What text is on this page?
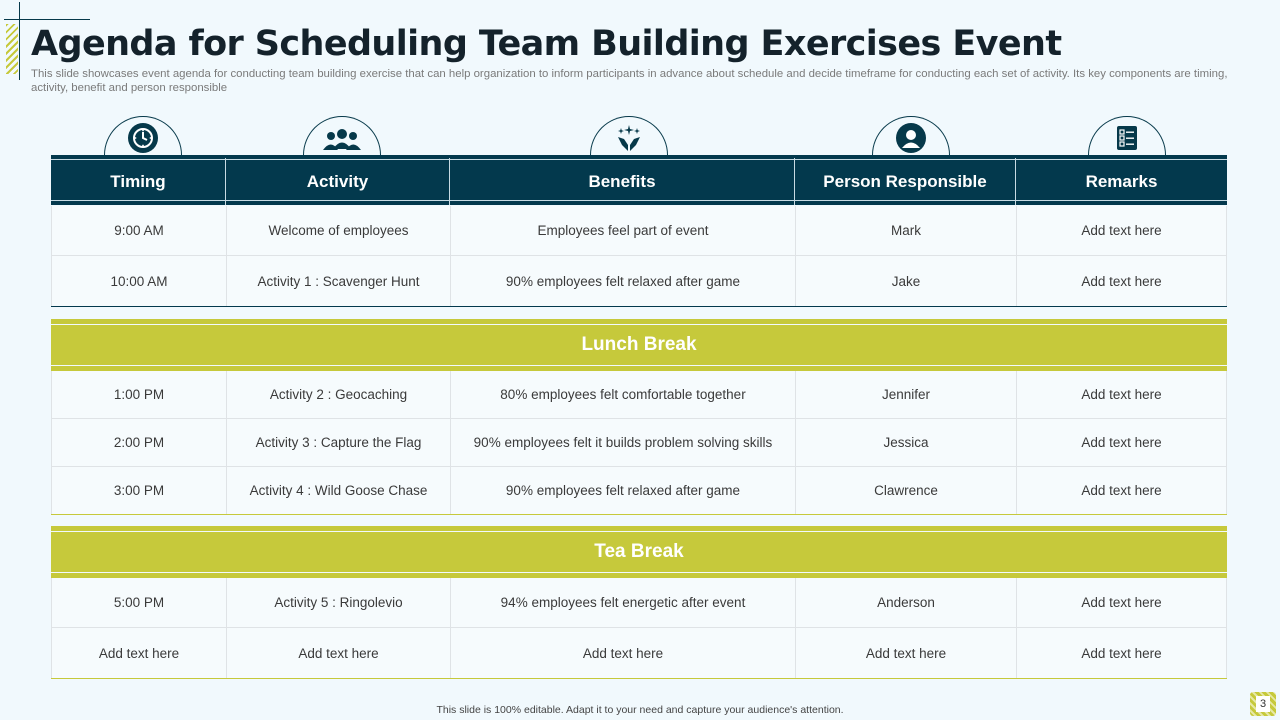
Agenda for Scheduling Team Building Exercises Event

This slide showcases event agenda for conducting team building exercise that can help organization to inform participants in advance about schedule and decide timeframe for conducting each set of activity. Its key components are timing, activity, benefit and person responsible

Timing	Activity	Benefits	Person Responsible	Remarks
9:00 AM	Welcome of employees	Employees feel part of event	Mark	Add text here
10:00 AM	Activity 1 : Scavenger Hunt	90% employees felt relaxed after game	Jake	Add text here
Lunch Break
1:00 PM	Activity 2 : Geocaching	80% employees felt comfortable together	Jennifer	Add text here
2:00 PM	Activity 3 : Capture the Flag	90% employees felt it builds problem solving skills	Jessica	Add text here
3:00 PM	Activity 4 : Wild Goose Chase	90% employees felt relaxed after game	Clawrence	Add text here
Tea Break
5:00 PM	Activity 5 : Ringolevio	94% employees felt energetic after event	Anderson	Add text here
Add text here	Add text here	Add text here	Add text here	Add text here
This slide is 100% editable. Adapt it to your need and capture your audience's attention.	3
